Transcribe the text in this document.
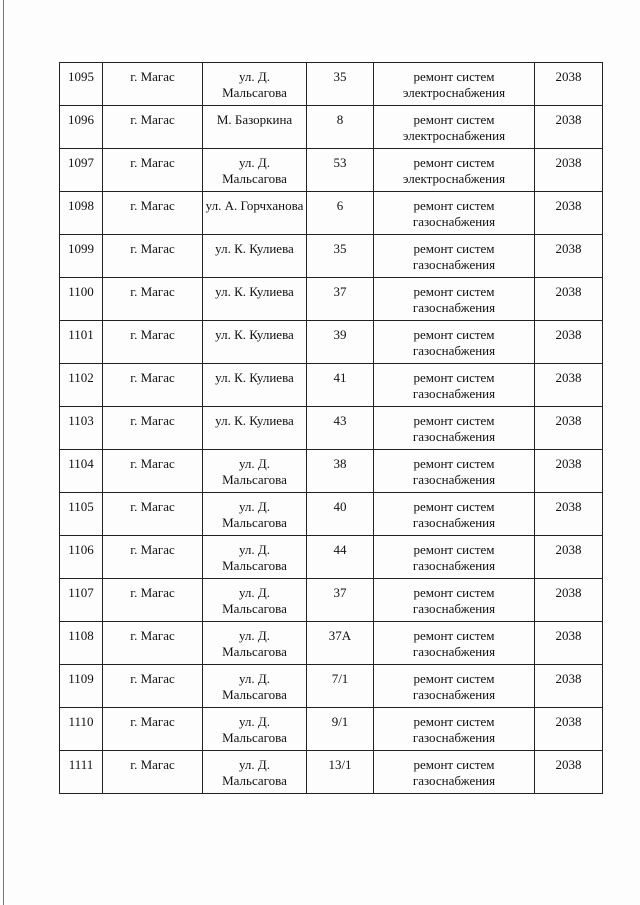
1095	г. Магас	ул. Д. Мальсагова	35	ремонт систем электроснабжения	2038
1096	г. Магас	М. Базоркина	8	ремонт систем электроснабжения	2038
1097	г. Магас	ул. Д. Мальсагова	53	ремонт систем электроснабжения	2038
1098	г. Магас	ул. А. Горчханова	6	ремонт систем газоснабжения	2038
1099	г. Магас	ул. К. Кулиева	35	ремонт систем газоснабжения	2038
1100	г. Магас	ул. К. Кулиева	37	ремонт систем газоснабжения	2038
1101	г. Магас	ул. К. Кулиева	39	ремонт систем газоснабжения	2038
1102	г. Магас	ул. К. Кулиева	41	ремонт систем газоснабжения	2038
1103	г. Магас	ул. К. Кулиева	43	ремонт систем газоснабжения	2038
1104	г. Магас	ул. Д. Мальсагова	38	ремонт систем газоснабжения	2038
1105	г. Магас	ул. Д. Мальсагова	40	ремонт систем газоснабжения	2038
1106	г. Магас	ул. Д. Мальсагова	44	ремонт систем газоснабжения	2038
1107	г. Магас	ул. Д. Мальсагова	37	ремонт систем газоснабжения	2038
1108	г. Магас	ул. Д. Мальсагова	37А	ремонт систем газоснабжения	2038
1109	г. Магас	ул. Д. Мальсагова	7/1	ремонт систем газоснабжения	2038
1110	г. Магас	ул. Д. Мальсагова	9/1	ремонт систем газоснабжения	2038
1111	г. Магас	ул. Д. Мальсагова	13/1	ремонт систем газоснабжения	2038
